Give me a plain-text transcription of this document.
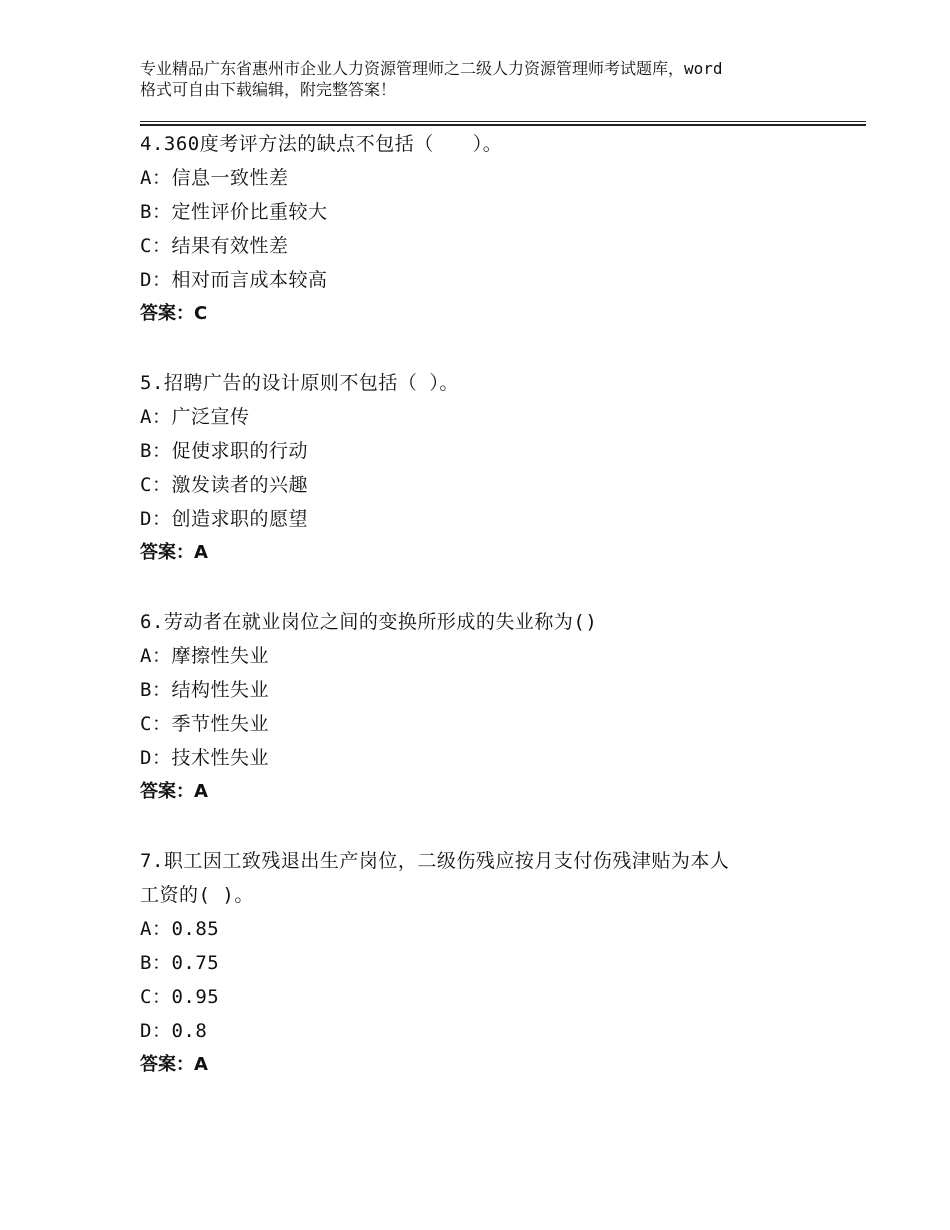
专业精品广东省惠州市企业人力资源管理师之二级人力资源管理师考试题库，word
格式可自由下载编辑，附完整答案！
4.360度考评方法的缺点不包括（　　）。
A：信息一致性差
B：定性评价比重较大
C：结果有效性差
D：相对而言成本较高
答案：C
5.招聘广告的设计原则不包括（ ）。
A：广泛宣传
B：促使求职的行动
C：激发读者的兴趣
D：创造求职的愿望
答案：A
6.劳动者在就业岗位之间的变换所形成的失业称为()
A：摩擦性失业
B：结构性失业
C：季节性失业
D：技术性失业
答案：A
7.职工因工致残退出生产岗位，二级伤残应按月支付伤残津贴为本人
工资的( )。
A：0.85
B：0.75
C：0.95
D：0.8
答案：A
